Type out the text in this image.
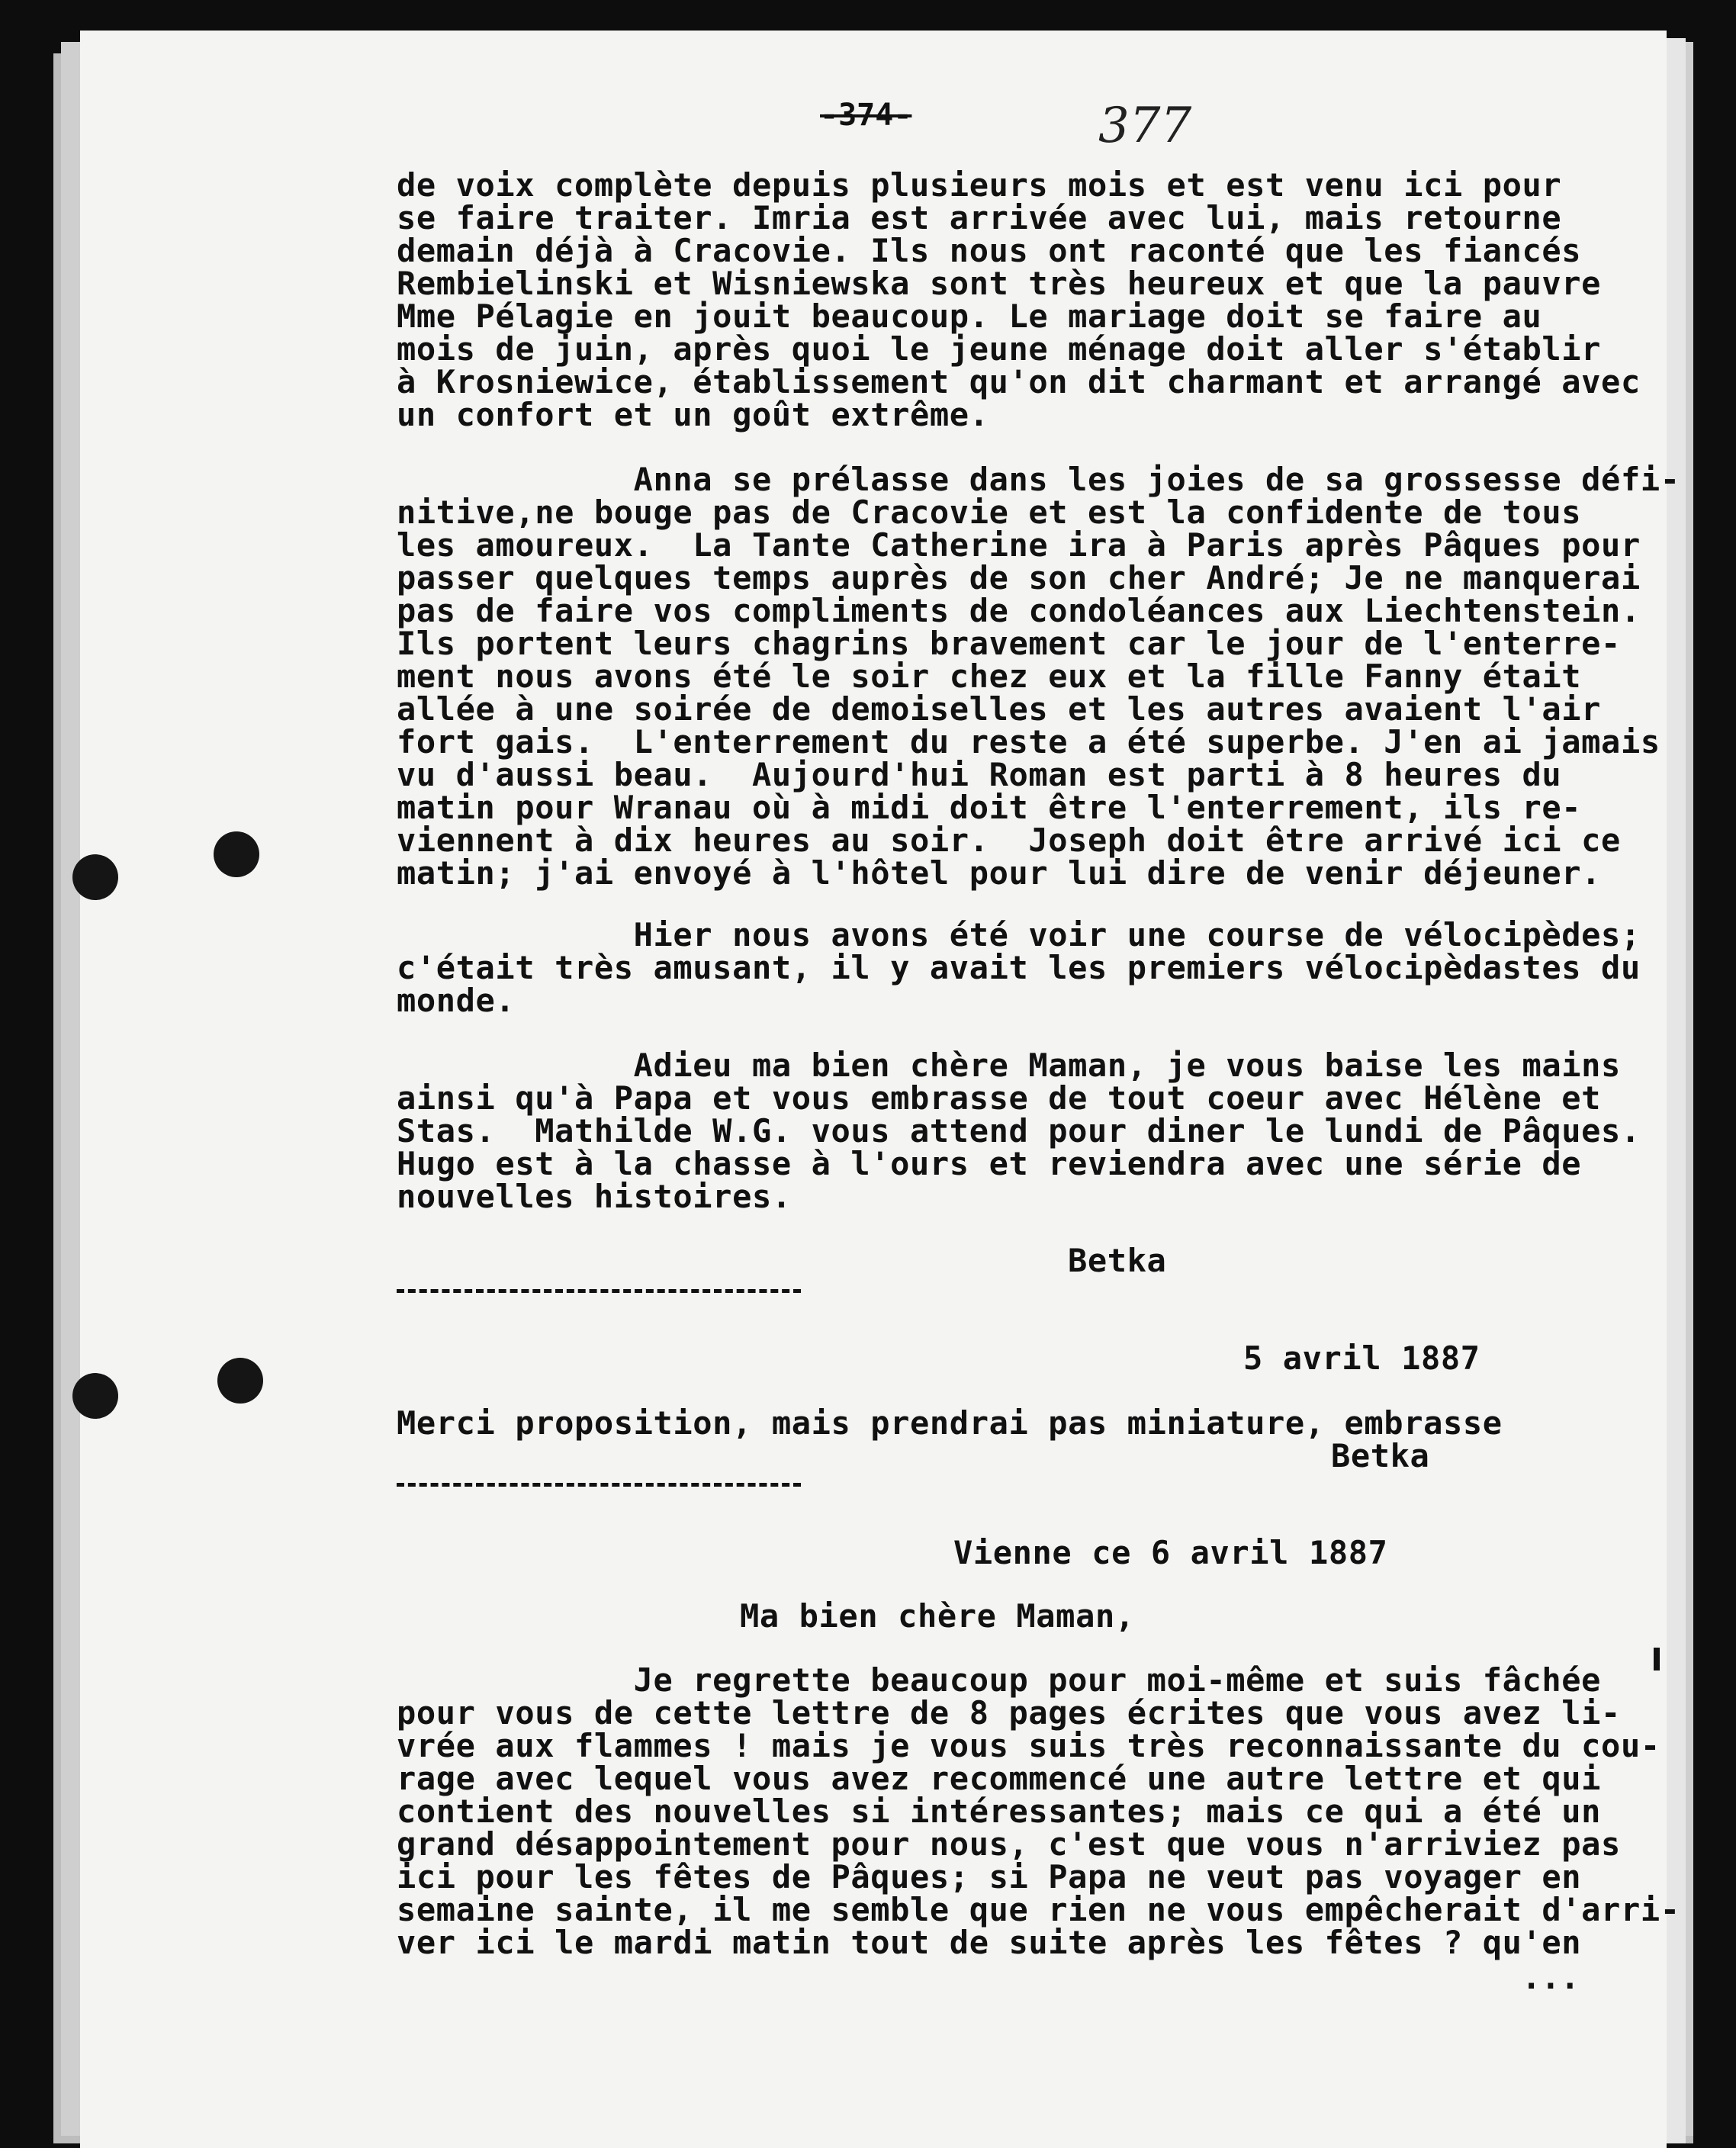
-374-	377
de voix complète depuis plusieurs mois et est venu ici pour
se faire traiter. Imria est arrivée avec lui, mais retourne
demain déjà à Cracovie. Ils nous ont raconté que les fiancés
Rembielinski et Wisniewska sont très heureux et que la pauvre
Mme Pélagie en jouit beaucoup. Le mariage doit se faire au
mois de juin, après quoi le jeune ménage doit aller s'établir
à Krosniewice, établissement qu'on dit charmant et arrangé avec
un confort et un goût extrême.
Anna se prélasse dans les joies de sa grossesse défi-
nitive,ne bouge pas de Cracovie et est la confidente de tous
les amoureux.  La Tante Catherine ira à Paris après Pâques pour
passer quelques temps auprès de son cher André; Je ne manquerai
pas de faire vos compliments de condoléances aux Liechtenstein.
Ils portent leurs chagrins bravement car le jour de l'enterre-
ment nous avons été le soir chez eux et la fille Fanny était
allée à une soirée de demoiselles et les autres avaient l'air
fort gais.  L'enterrement du reste a été superbe. J'en ai jamais
vu d'aussi beau.  Aujourd'hui Roman est parti à 8 heures du
matin pour Wranau où à midi doit être l'enterrement, ils re-
viennent à dix heures au soir.  Joseph doit être arrivé ici ce
matin; j'ai envoyé à l'hôtel pour lui dire de venir déjeuner.
Hier nous avons été voir une course de vélocipèdes;
c'était très amusant, il y avait les premiers vélocipèdastes du
monde.
Adieu ma bien chère Maman, je vous baise les mains
ainsi qu'à Papa et vous embrasse de tout coeur avec Hélène et
Stas.  Mathilde W.G. vous attend pour diner le lundi de Pâques.
Hugo est à la chasse à l'ours et reviendra avec une série de
nouvelles histoires.
Betka
5 avril 1887
Merci proposition, mais prendrai pas miniature, embrasse
Betka
Vienne ce 6 avril 1887
Ma bien chère Maman,
Je regrette beaucoup pour moi-même et suis fâchée
pour vous de cette lettre de 8 pages écrites que vous avez li-
vrée aux flammes ! mais je vous suis très reconnaissante du cou-
rage avec lequel vous avez recommencé une autre lettre et qui
contient des nouvelles si intéressantes; mais ce qui a été un
grand désappointement pour nous, c'est que vous n'arriviez pas
ici pour les fêtes de Pâques; si Papa ne veut pas voyager en
semaine sainte, il me semble que rien ne vous empêcherait d'arri-
ver ici le mardi matin tout de suite après les fêtes ? qu'en
...
